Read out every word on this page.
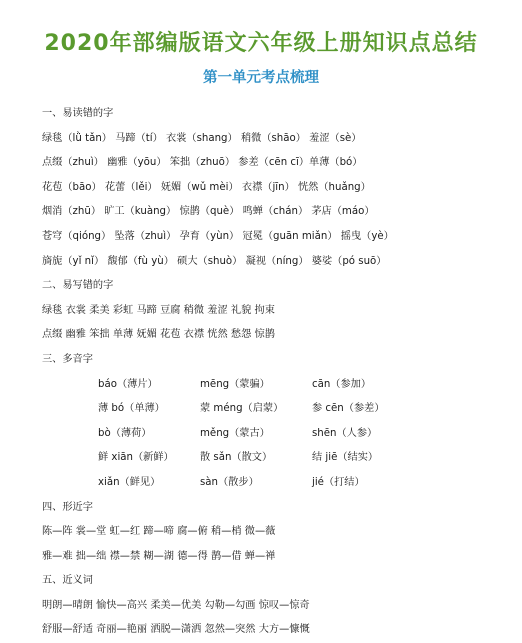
2020年部编版语文六年级上册知识点总结
第一单元考点梳理
一、易读错的字
绿毯（lǜ tǎn） 马蹄（tí） 衣裳（shang） 稍微（shāo） 羞涩（sè）
点缀（zhuì） 幽雅（yōu） 笨拙（zhuō） 参差（cēn cī）单薄（bó）
花苞（bāo） 花蕾（lěi） 妩媚（wǔ mèi） 衣襟（jīn） 恍然（huǎng）
烟消（zhū） 旷工（kuàng） 惊鹊（què） 鸣蝉（chán） 茅店（máo）
苍穹（qióng） 坠落（zhuì） 孕育（yùn） 冠冕（guān miǎn） 摇曳（yè）
旖旎（yǐ nǐ） 馥郁（fù yù） 硕大（shuò） 凝视（níng） 婆娑（pó suō）
二、易写错的字
绿毯 衣裳 柔美 彩虹 马蹄 豆腐 稍微 羞涩 礼貌 拘束
点缀 幽雅 笨拙 单薄 妩媚 花苞 衣襟 恍然 愁怨 惊鹊
三、多音字
báo（薄片）	mēng（蒙骗）	cān（参加）
薄 bó（单薄）	蒙 méng（启蒙）	参 cēn（参差）
bò（薄荷）	měng（蒙古）	shēn（人参）
鲜 xiān（新鲜）	散 sǎn（散文）	结 jiē（结实）
xiǎn（鲜见）	sàn（散步）	jié（打结）
四、形近字
陈—阵 裳—堂 虹—红 蹄—啼 腐—俯 稍—梢 微—薇
雅—难 拙—绌 襟—禁 糊—湖 德—得 鹊—借 蝉—禅
五、近义词
明朗—晴朗 愉快—高兴 柔美—优美 勾勒—勾画 惊叹—惊奇
舒服—舒适 奇丽—艳丽 洒脱—潇洒 忽然—突然 大方—慷慨
